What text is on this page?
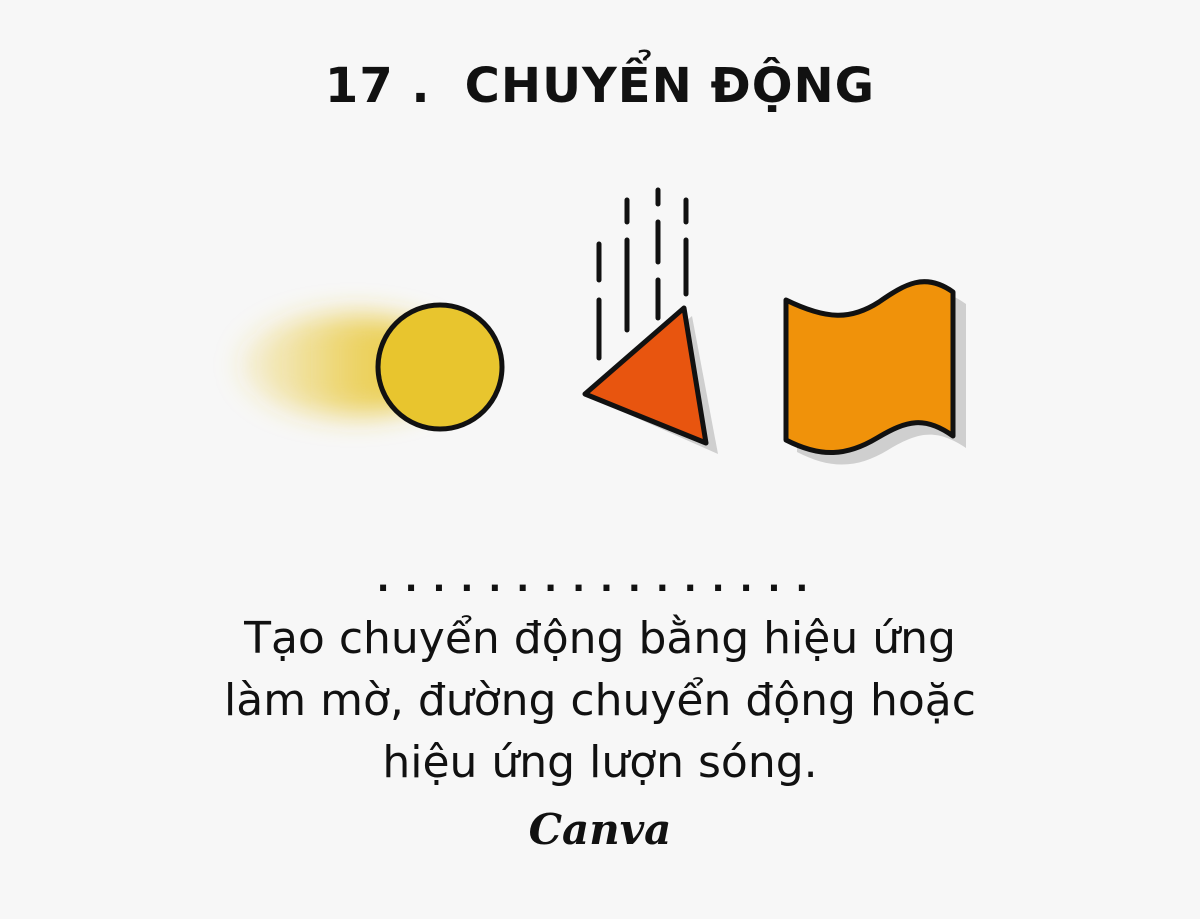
17 . CHUYỂN ĐỘNG
................
Tạo chuyển động bằng hiệu ứng
làm mờ, đường chuyển động hoặc
hiệu ứng lượn sóng.
Canva
